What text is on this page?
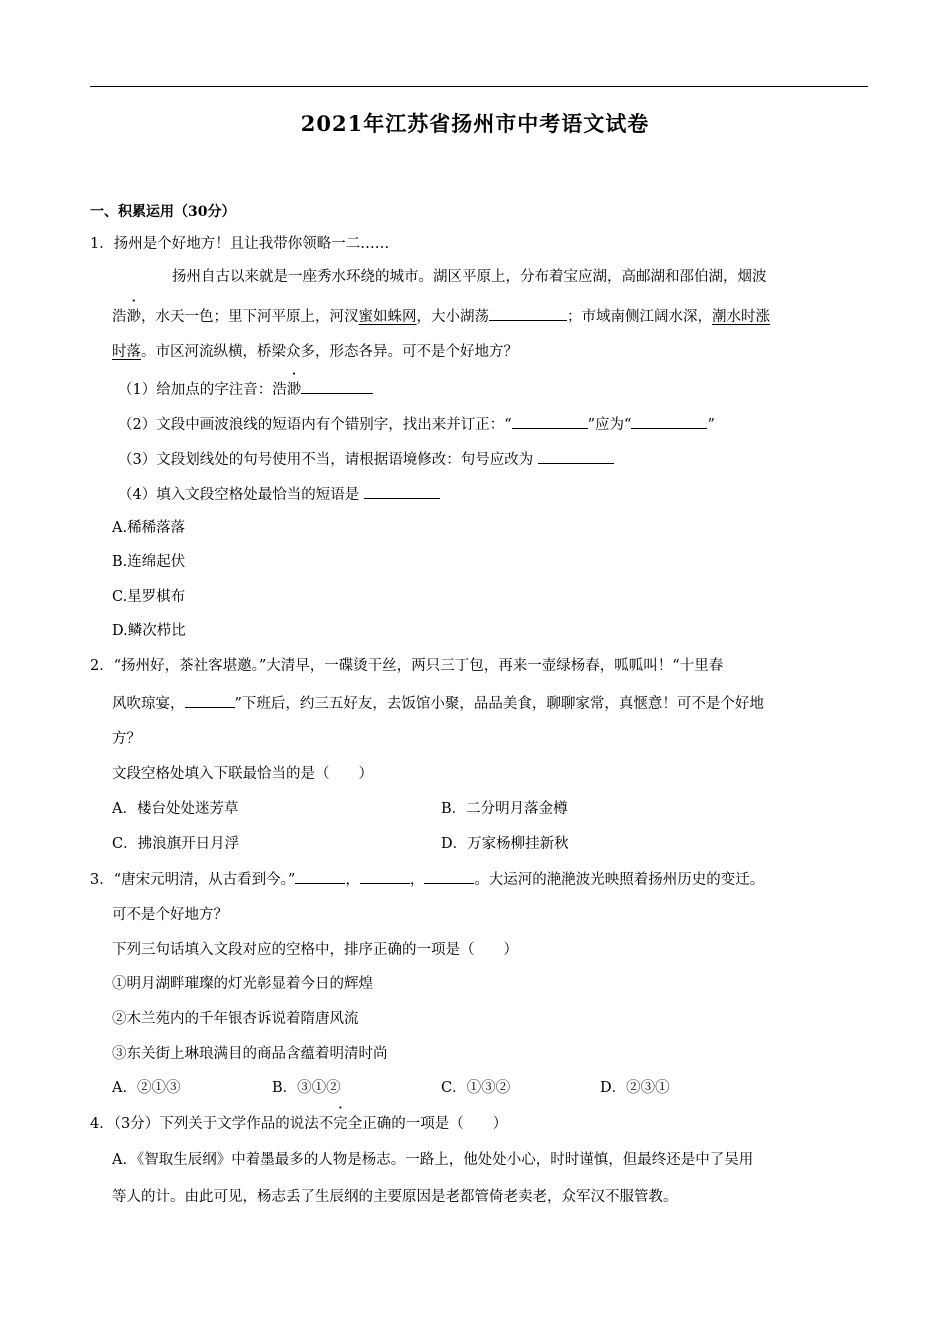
2021年江苏省扬州市中考语文试卷
一、积累运用（30分）
1．扬州是个好地方！且让我带你领略一二……
扬州自古以来就是一座秀水环绕的城市。湖区平原上，分布着宝应湖，高邮湖和邵伯湖，烟波
浩渺，水天一色；里下河平原上，河汊蜜如蛛网，大小湖荡	；市域南侧江阔水深，潮水时涨
时落。市区河流纵横，桥梁众多，形态各异。可不是个好地方？
（1）给加点的字注音：浩渺
（2）文段中画波浪线的短语内有个错别字，找出来并订正：“	”应为“	”
（3）文段划线处的句号使用不当，请根据语境修改：句号应改为
（4）填入文段空格处最恰当的短语是
A.稀稀落落
B.连绵起伏
C.星罗棋布
D.鳞次栉比
2．“扬州好，茶社客堪邀。”大清早，一碟烫干丝，两只三丁包，再来一壶绿杨春，呱呱叫！“十里春
风吹琼宴，	”下班后，约三五好友，去饭馆小聚，品品美食，聊聊家常，真惬意！可不是个好地
方？
文段空格处填入下联最恰当的是（　　）
A．楼台处处迷芳草	B．二分明月落金樽
C．拂浪旗开日月浮	D．万家杨柳挂新秋
3．“唐宋元明清，从古看到今。”	，	，	。大运河的滟滟波光映照着扬州历史的变迁。
可不是个好地方？
下列三句话填入文段对应的空格中，排序正确的一项是（　　）
①明月湖畔璀璨的灯光彰显着今日的辉煌
②木兰苑内的千年银杏诉说着隋唐风流
③东关街上琳琅满目的商品含蕴着明清时尚
A．②①③	B．③①②	C．①③②	D．②③①
4．（3分）下列关于文学作品的说法不完全正确的一项是（　　）
A．《智取生辰纲》中着墨最多的人物是杨志。一路上，他处处小心，时时谨慎，但最终还是中了吴用
等人的计。由此可见，杨志丢了生辰纲的主要原因是老都管倚老卖老，众军汉不服管教。
